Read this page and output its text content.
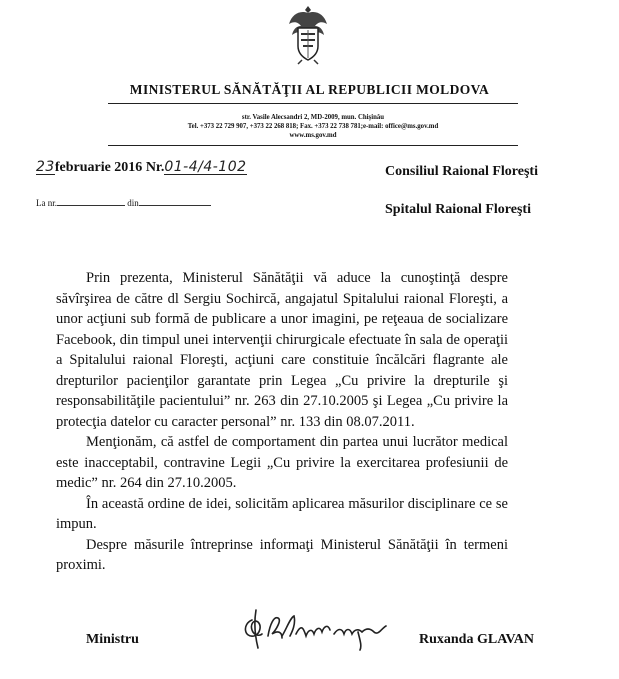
MINISTERUL SĂNĂTĂŢII AL REPUBLICII MOLDOVA
str. Vasile Alecsandri 2, MD-2009, mun. Chişinău
Tel. +373 22 729 907, +373 22 268 818; Fax. +373 22 738 781;e-mail: office@ms.gov.md
www.ms.gov.md
23februarie 2016 Nr.01-4/4-102
La nr.	din
Consiliul Raional Floreşti
Spitalul Raional Floreşti

Prin prezenta, Ministerul Sănătăţii vă aduce la cunoştinţă despre săvîrşirea de către dl Sergiu Sochircă, angajatul Spitalului raional Floreşti, a unor acţiuni sub formă de publicare a unor imagini, pe reţeaua de socializare Facebook, din timpul unei intervenţii chirurgicale efectuate în sala de operaţii a Spitalului raional Floreşti, acţiuni care constituie încălcări flagrante ale drepturilor pacienţilor garantate prin Legea „Cu privire la drepturile şi responsabilităţile pacientului” nr. 263 din 27.10.2005 şi Legea „Cu privire la protecţia datelor cu caracter personal” nr. 133 din 08.07.2011.

Menţionăm, că astfel de comportament din partea unui lucrător medical este inacceptabil, contravine Legii „Cu privire la exercitarea profesiunii de medic” nr. 264 din 27.10.2005.

În această ordine de idei, solicităm aplicarea măsurilor disciplinare ce se impun.

Despre măsurile întreprinse informaţi Ministerul Sănătăţii în termeni proximi.

Ministru	Ruxanda GLAVAN
